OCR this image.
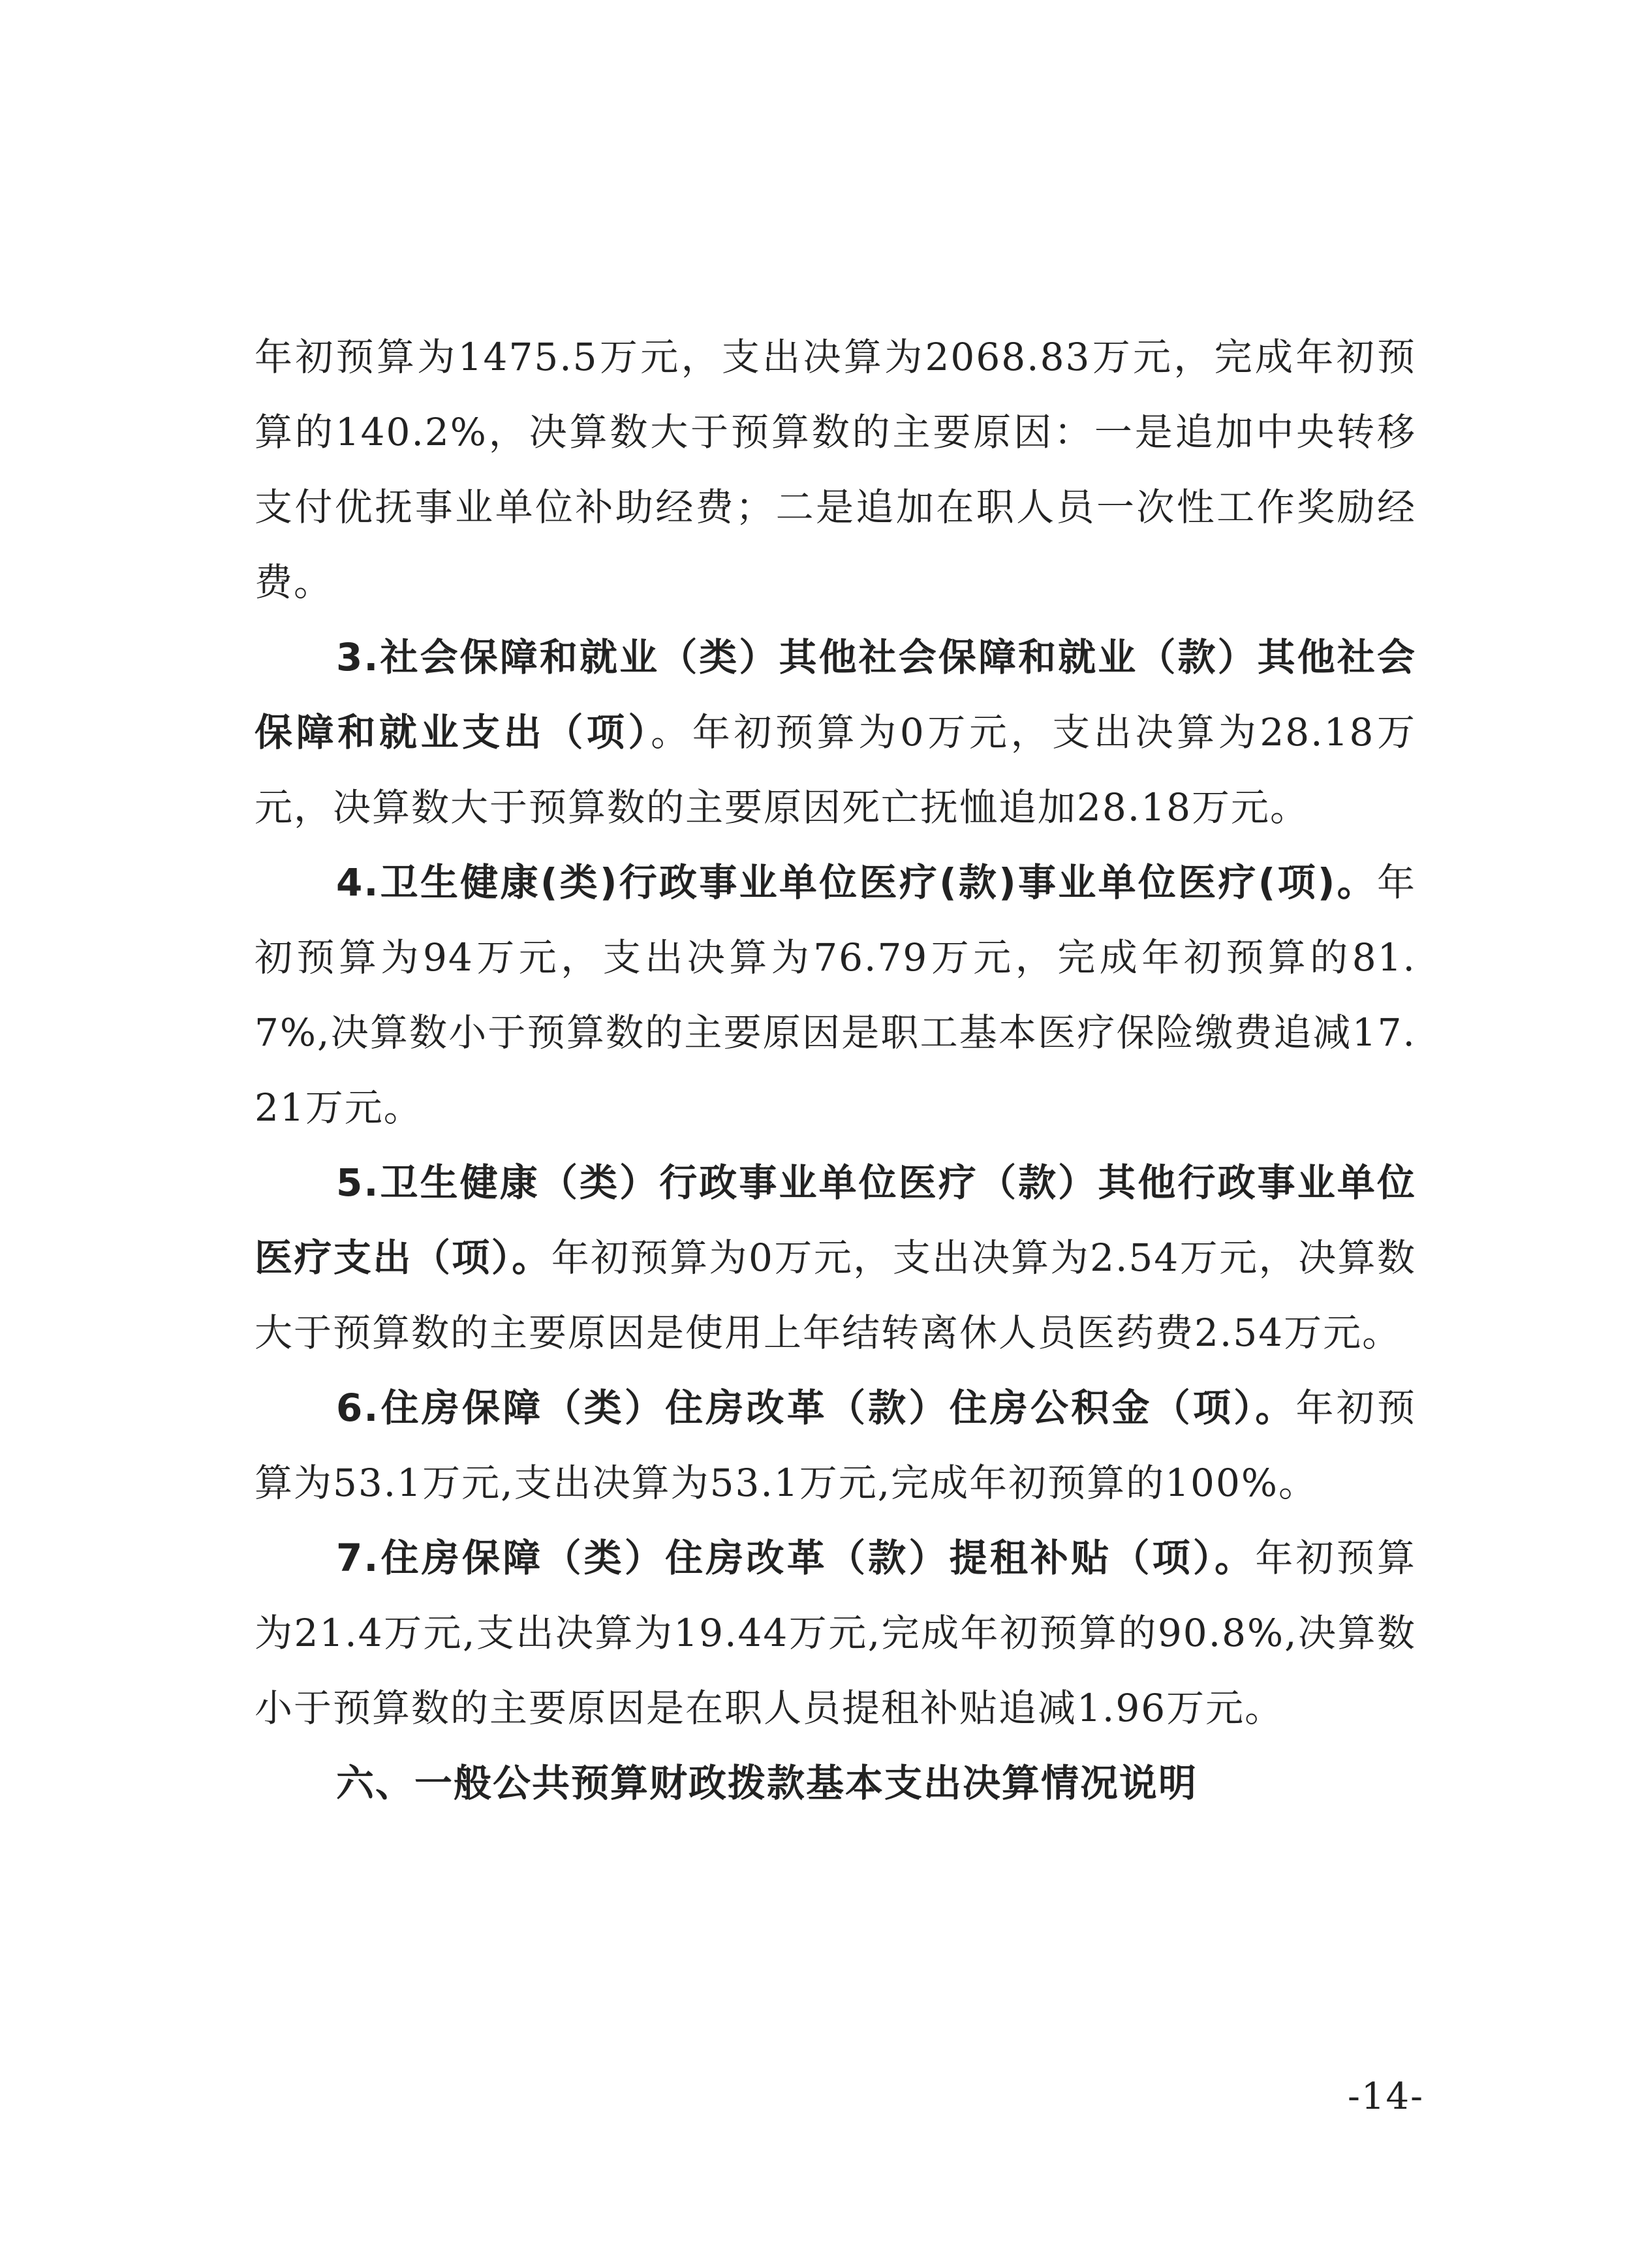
年初预算为1475.5万元，支出决算为2068.83万元，完成年初预算的140.2%，决算数大于预算数的主要原因：一是追加中央转移支付优抚事业单位补助经费；二是追加在职人员一次性工作奖励经费。

3.社会保障和就业（类）其他社会保障和就业（款）其他社会保障和就业支出（项）。年初预算为0万元，支出决算为28.18万元，决算数大于预算数的主要原因死亡抚恤追加28.18万元。

4.卫生健康(类)行政事业单位医疗(款)事业单位医疗(项)。年初预算为94万元，支出决算为76.79万元，完成年初预算的81.7%,决算数小于预算数的主要原因是职工基本医疗保险缴费追减17.21万元。

5.卫生健康（类）行政事业单位医疗（款）其他行政事业单位医疗支出（项）。年初预算为0万元，支出决算为2.54万元，决算数大于预算数的主要原因是使用上年结转离休人员医药费2.54万元。

6.住房保障（类）住房改革（款）住房公积金（项）。年初预算为53.1万元,支出决算为53.1万元,完成年初预算的100%。

7.住房保障（类）住房改革（款）提租补贴（项）。年初预算为21.4万元,支出决算为19.44万元,完成年初预算的90.8%,决算数小于预算数的主要原因是在职人员提租补贴追减1.96万元。

六、一般公共预算财政拨款基本支出决算情况说明

-14-
